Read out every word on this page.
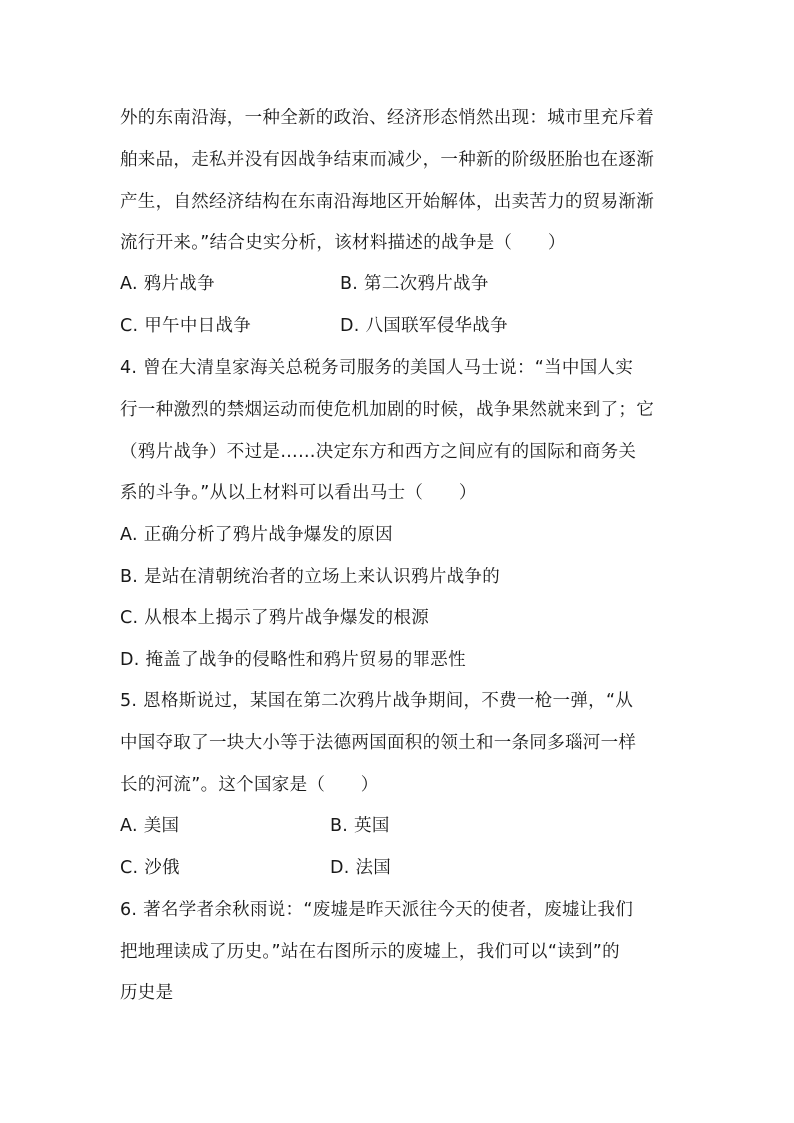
外的东南沿海，一种全新的政治、经济形态悄然出现：城市里充斥着
舶来品，走私并没有因战争结束而减少，一种新的阶级胚胎也在逐渐
产生，自然经济结构在东南沿海地区开始解体，出卖苦力的贸易渐渐
流行开来。”结合史实分析，该材料描述的战争是（　　）
A. 鸦片战争	B. 第二次鸦片战争
C. 甲午中日战争	D. 八国联军侵华战争
4. 曾在大清皇家海关总税务司服务的美国人马士说：“当中国人实
行一种激烈的禁烟运动而使危机加剧的时候，战争果然就来到了；它
（鸦片战争）不过是……决定东方和西方之间应有的国际和商务关
系的斗争。”从以上材料可以看出马士（　　）
A. 正确分析了鸦片战争爆发的原因
B. 是站在清朝统治者的立场上来认识鸦片战争的
C. 从根本上揭示了鸦片战争爆发的根源
D. 掩盖了战争的侵略性和鸦片贸易的罪恶性
5. 恩格斯说过，某国在第二次鸦片战争期间，不费一枪一弹，“从
中国夺取了一块大小等于法德两国面积的领土和一条同多瑙河一样
长的河流”。这个国家是（　　）
A. 美国	B. 英国
C. 沙俄	D. 法国
6. 著名学者余秋雨说：“废墟是昨天派往今天的使者，废墟让我们
把地理读成了历史。”站在右图所示的废墟上，我们可以“读到”的
历史是
